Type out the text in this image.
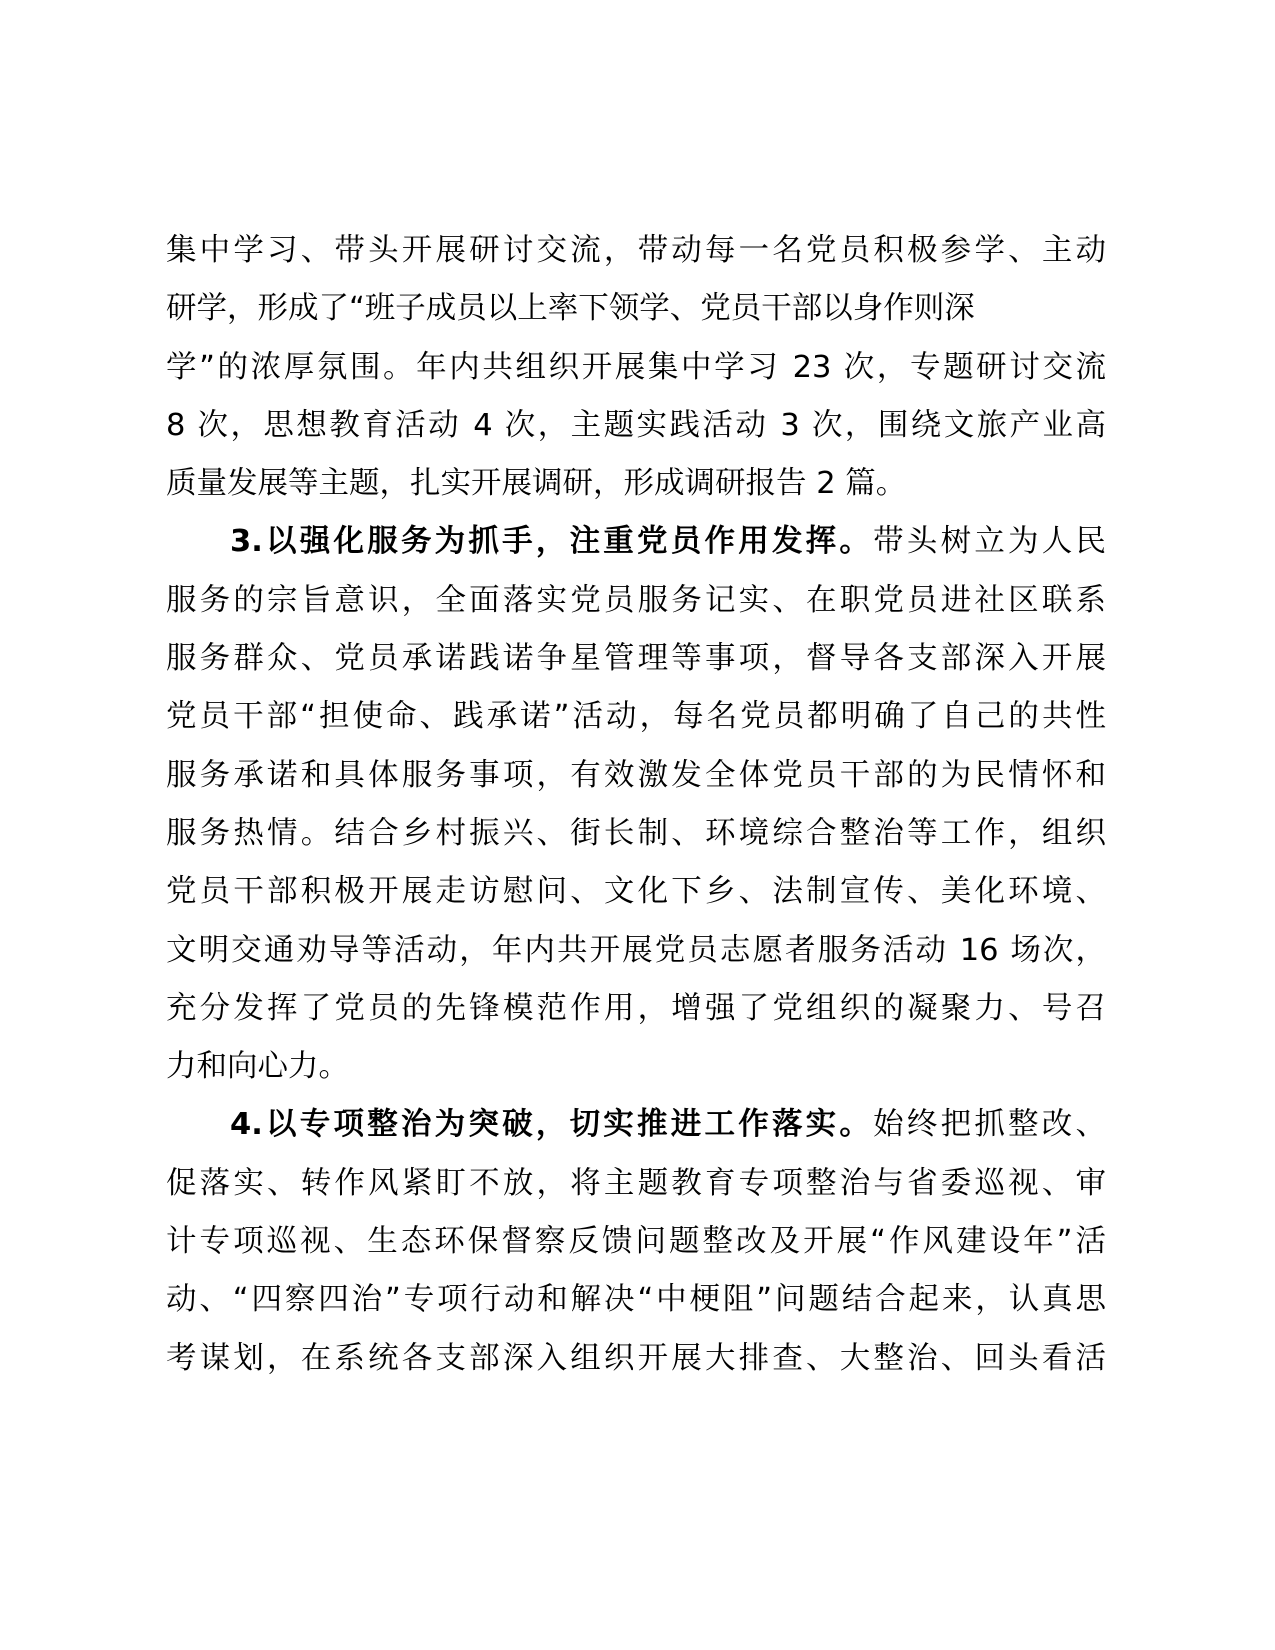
集中学习、带头开展研讨交流，带动每一名党员积极参学、主动
研学，形成了“班子成员以上率下领学、党员干部以身作则深
学”的浓厚氛围。年内共组织开展集中学习 23 次，专题研讨交流
8 次，思想教育活动 4 次，主题实践活动 3 次，围绕文旅产业高
质量发展等主题，扎实开展调研，形成调研报告 2 篇。
3.以强化服务为抓手，注重党员作用发挥。带头树立为人民
服务的宗旨意识，全面落实党员服务记实、在职党员进社区联系
服务群众、党员承诺践诺争星管理等事项，督导各支部深入开展
党员干部“担使命、践承诺”活动，每名党员都明确了自己的共性
服务承诺和具体服务事项，有效激发全体党员干部的为民情怀和
服务热情。结合乡村振兴、街长制、环境综合整治等工作，组织
党员干部积极开展走访慰问、文化下乡、法制宣传、美化环境、
文明交通劝导等活动，年内共开展党员志愿者服务活动 16 场次，
充分发挥了党员的先锋模范作用，增强了党组织的凝聚力、号召
力和向心力。
4.以专项整治为突破，切实推进工作落实。始终把抓整改、
促落实、转作风紧盯不放，将主题教育专项整治与省委巡视、审
计专项巡视、生态环保督察反馈问题整改及开展“作风建设年”活
动、“四察四治”专项行动和解决“中梗阻”问题结合起来，认真思
考谋划，在系统各支部深入组织开展大排查、大整治、回头看活
